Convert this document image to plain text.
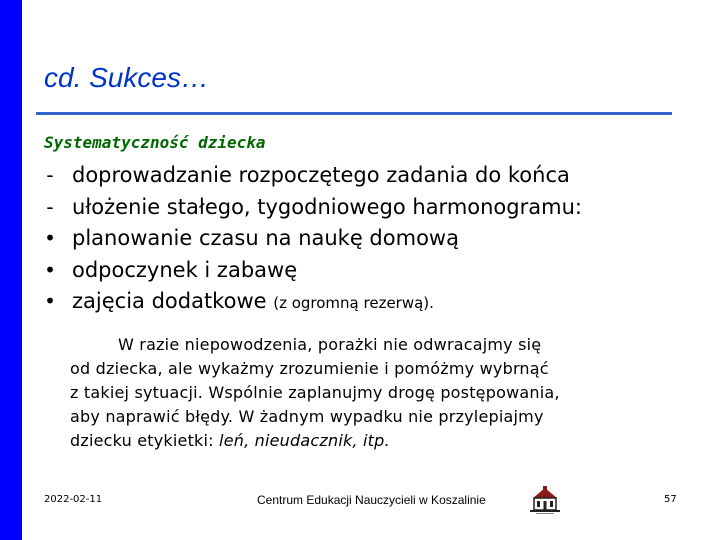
cd. Sukces…
Systematyczność dziecka
- doprowadzanie rozpoczętego zadania do końca
- ułożenie stałego, tygodniowego harmonogramu:
• planowanie czasu na naukę domową
• odpoczynek i zabawę
• zajęcia dodatkowe (z ogromną rezerwą).

W razie niepowodzenia, porażki nie odwracajmy się

od dziecka, ale wykażmy zrozumienie i pomóżmy wybrnąć

z takiej sytuacji. Wspólnie zaplanujmy drogę postępowania,

aby naprawić błędy. W żadnym wypadku nie przylepiajmy

dziecku etykietki: leń, nieudacznik, itp.

2022-02-11	Centrum Edukacji Nauczycieli w Koszalinie	57
